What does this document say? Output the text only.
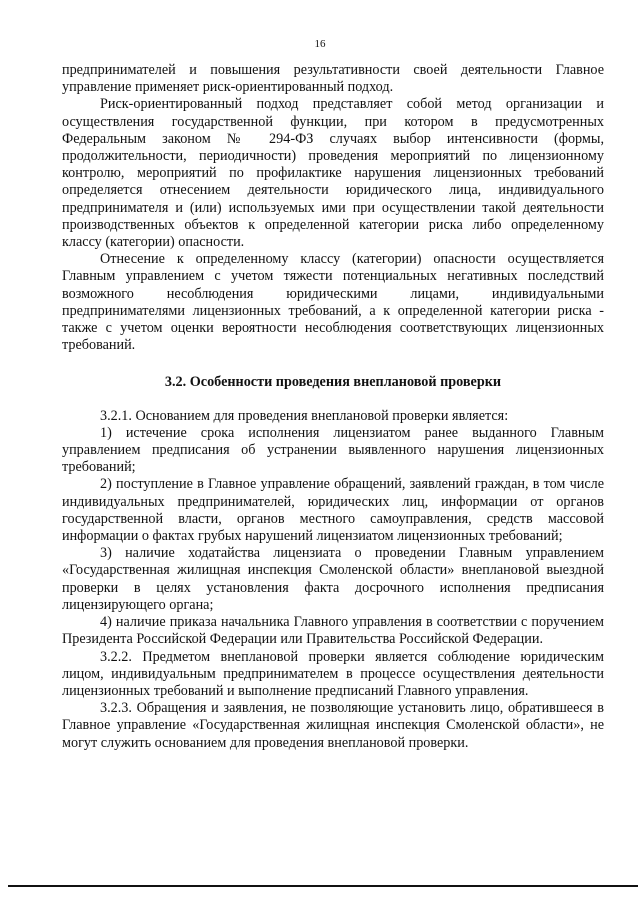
16

предпринимателей и повышения результативности своей деятельности Главное управление применяет риск-ориентированный подход.

Риск-ориентированный подход представляет собой метод организации и осуществления государственной функции, при котором в предусмотренных Федеральным законом № 294-ФЗ случаях выбор интенсивности (формы, продолжительности, периодичности) проведения мероприятий по лицензионному контролю, мероприятий по профилактике нарушения лицензионных требований определяется отнесением деятельности юридического лица, индивидуального предпринимателя и (или) используемых ими при осуществлении такой деятельности производственных объектов к определенной категории риска либо определенному классу (категории) опасности.

Отнесение к определенному классу (категории) опасности осуществляется Главным управлением с учетом тяжести потенциальных негативных последствий возможного несоблюдения юридическими лицами, индивидуальными предпринимателями лицензионных требований, а к определенной категории риска - также с учетом оценки вероятности несоблюдения соответствующих лицензионных требований.

3.2. Особенности проведения внеплановой проверки

3.2.1. Основанием для проведения внеплановой проверки является:

1) истечение срока исполнения лицензиатом ранее выданного Главным управлением предписания об устранении выявленного нарушения лицензионных требований;

2) поступление в Главное управление обращений, заявлений граждан, в том числе индивидуальных предпринимателей, юридических лиц, информации от органов государственной власти, органов местного самоуправления, средств массовой информации о фактах грубых нарушений лицензиатом лицензионных требований;

3) наличие ходатайства лицензиата о проведении Главным управлением «Государственная жилищная инспекция Смоленской области» внеплановой выездной проверки в целях установления факта досрочного исполнения предписания лицензирующего органа;

4) наличие приказа начальника Главного управления в соответствии с поручением Президента Российской Федерации или Правительства Российской Федерации.

3.2.2. Предметом внеплановой проверки является соблюдение юридическим лицом, индивидуальным предпринимателем в процессе осуществления деятельности лицензионных требований и выполнение предписаний Главного управления.

3.2.3. Обращения и заявления, не позволяющие установить лицо, обратившееся в Главное управление «Государственная жилищная инспекция Смоленской области», не могут служить основанием для проведения внеплановой проверки.
